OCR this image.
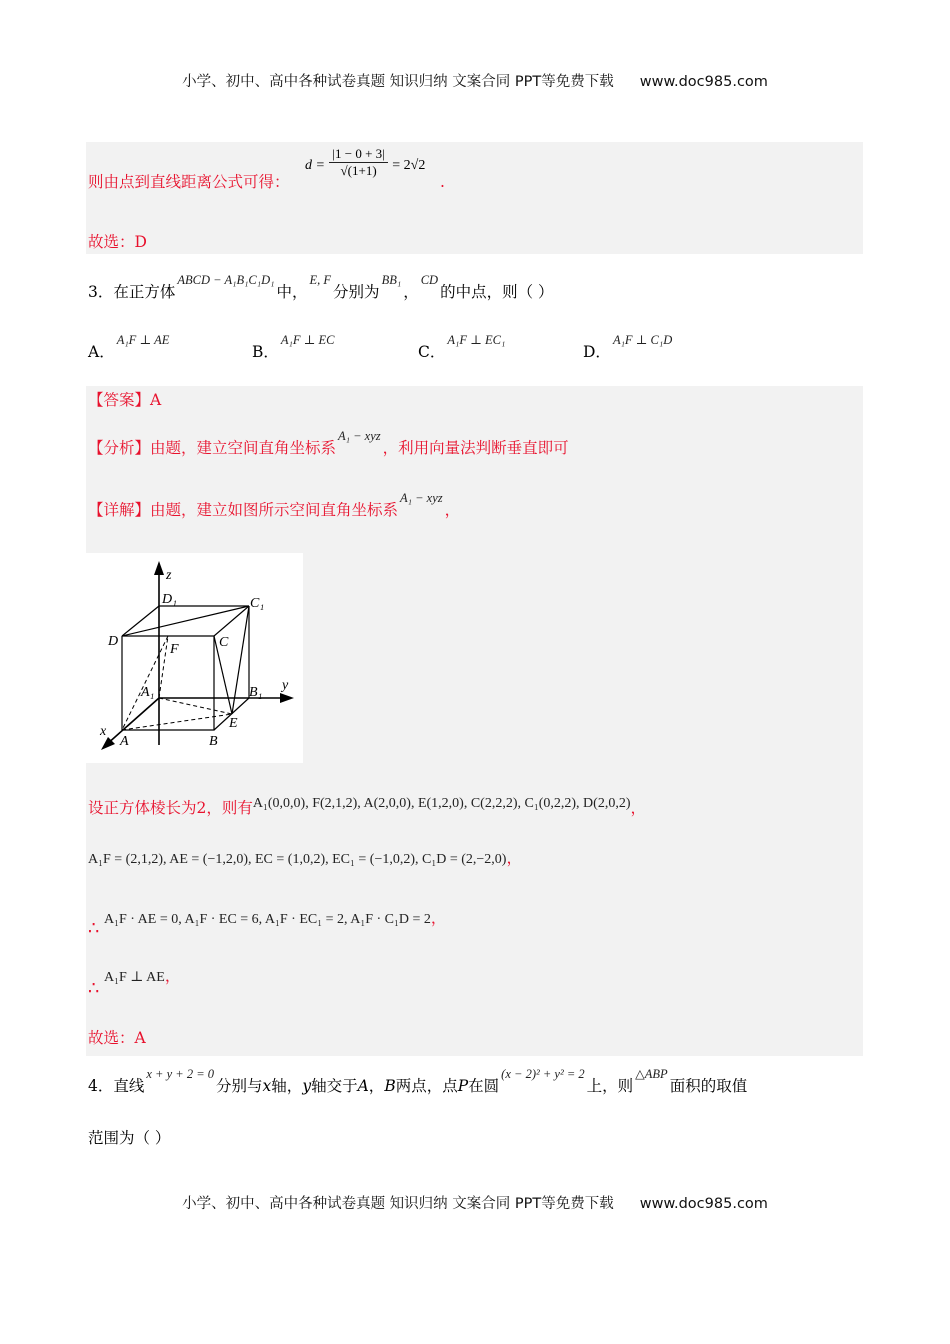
小学、初中、高中各种试卷真题 知识归纳 文案合同 PPT等免费下载 www.doc985.com
则由点到直线距离公式可得：
$d = \frac{|1 - 0 + 3|}{√(1+1)} = 2√2$
.
故选：D
3．在正方体$^{ABCD - A_1B_1C_1D_1}$中，$^{E, F}$分别为$^{BB_1}$，$^{CD}$的中点，则（ ）
A．$^{A_1F \perp AE}$
B．$^{A_1F \perp EC}$
C．$^{A_1F \perp EC_1}$
D．$^{A_1F \perp C_1D}$
【答案】A
【分析】由题，建立空间直角坐标系$^{A_1 - xyz}$，利用向量法判断垂直即可
【详解】由题，建立如图所示空间直角坐标系$^{A_1 - xyz}$，
z
y
x
D₁	C₁
D	C
F
A₁	B₁
E
A	B
设正方体棱长为2，则有A₁(0,0,0), F(2,1,2), A(2,0,0), E(1,2,0), C(2,2,2), C₁(0,2,2), D(2,0,2)，
A₁F = (2,1,2), AE = (−1,2,0), EC = (1,0,2), EC₁ = (−1,0,2), C₁D = (2,−2,0)，
∴ A₁F · AE = 0, A₁F · EC = 6, A₁F · EC₁ = 2, A₁F · C₁D = 2，
∴
A₁F ⊥ AE，
故选：A
4．直线$^{x + y + 2 = 0}$分别与x轴，y轴交于A，B两点，点P在圆$^{(x - 2)^2 + y^2 = 2}$上，则$^{\triangle ABP}$面积的取值
范围为（ ）
小学、初中、高中各种试卷真题 知识归纳 文案合同 PPT等免费下载 www.doc985.com
